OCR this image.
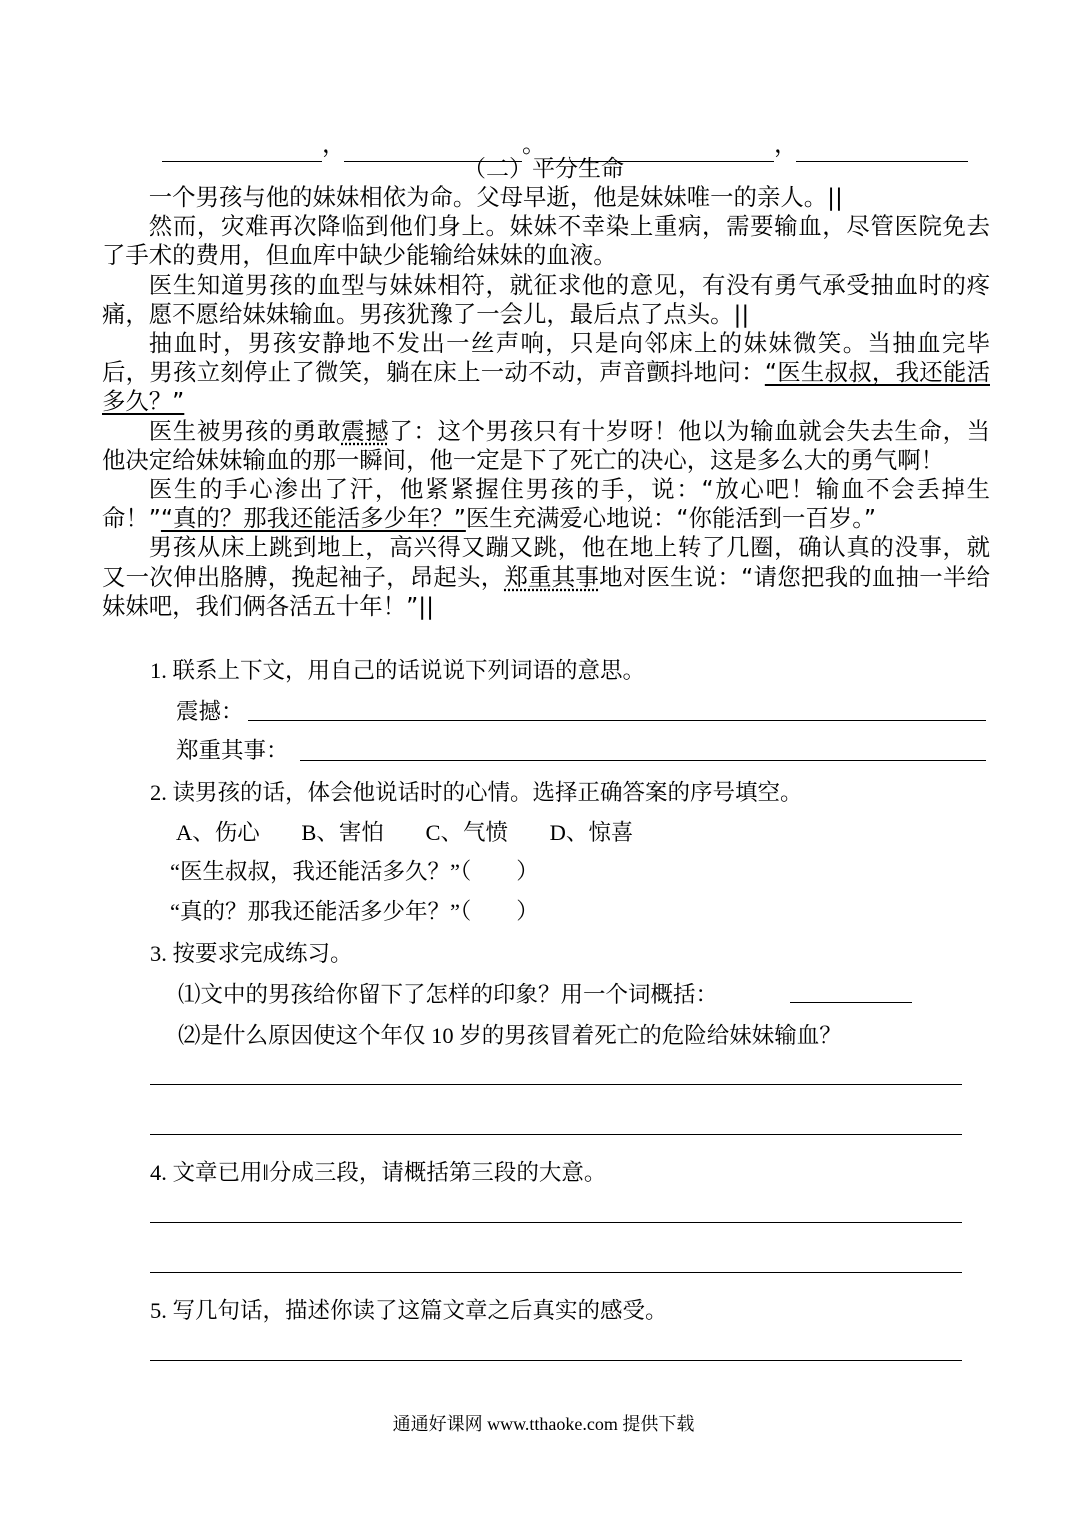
，	。	，
（二）平分生命

一个男孩与他的妹妹相依为命。父母早逝，他是妹妹唯一的亲人。||

然而，灾难再次降临到他们身上。妹妹不幸染上重病，需要输血，尽管医院免去了手术的费用，但血库中缺少能输给妹妹的血液。

医生知道男孩的血型与妹妹相符，就征求他的意见，有没有勇气承受抽血时的疼痛，愿不愿给妹妹输血。男孩犹豫了一会儿，最后点了点头。||

抽血时，男孩安静地不发出一丝声响，只是向邻床上的妹妹微笑。当抽血完毕后，男孩立刻停止了微笑，躺在床上一动不动，声音颤抖地问：“医生叔叔，我还能活多久？”

医生被男孩的勇敢震撼了：这个男孩只有十岁呀！他以为输血就会失去生命，当他决定给妹妹输血的那一瞬间，他一定是下了死亡的决心，这是多么大的勇气啊！

医生的手心渗出了汗，他紧紧握住男孩的手，说：“放心吧！输血不会丢掉生命！”“真的？那我还能活多少年？”医生充满爱心地说：“你能活到一百岁。”

男孩从床上跳到地上，高兴得又蹦又跳，他在地上转了几圈，确认真的没事，就又一次伸出胳膊，挽起袖子，昂起头，郑重其事地对医生说：“请您把我的血抽一半给妹妹吧，我们俩各活五十年！”||

1. 联系上下文，用自己的话说说下列词语的意思。
震撼：
郑重其事：
2. 读男孩的话，体会他说话时的心情。选择正确答案的序号填空。
A、伤心 B、害怕 C、气愤 D、惊喜
“医生叔叔，我还能活多久？”（　　）
“真的？那我还能活多少年？”（　　）
3. 按要求完成练习。
⑴文中的男孩给你留下了怎样的印象？用一个词概括：
⑵是什么原因使这个年仅 10 岁的男孩冒着死亡的危险给妹妹输血？
4. 文章已用‖分成三段，请概括第三段的大意。
5. 写几句话，描述你读了这篇文章之后真实的感受。
通通好课网 www.tthaoke.com 提供下载
